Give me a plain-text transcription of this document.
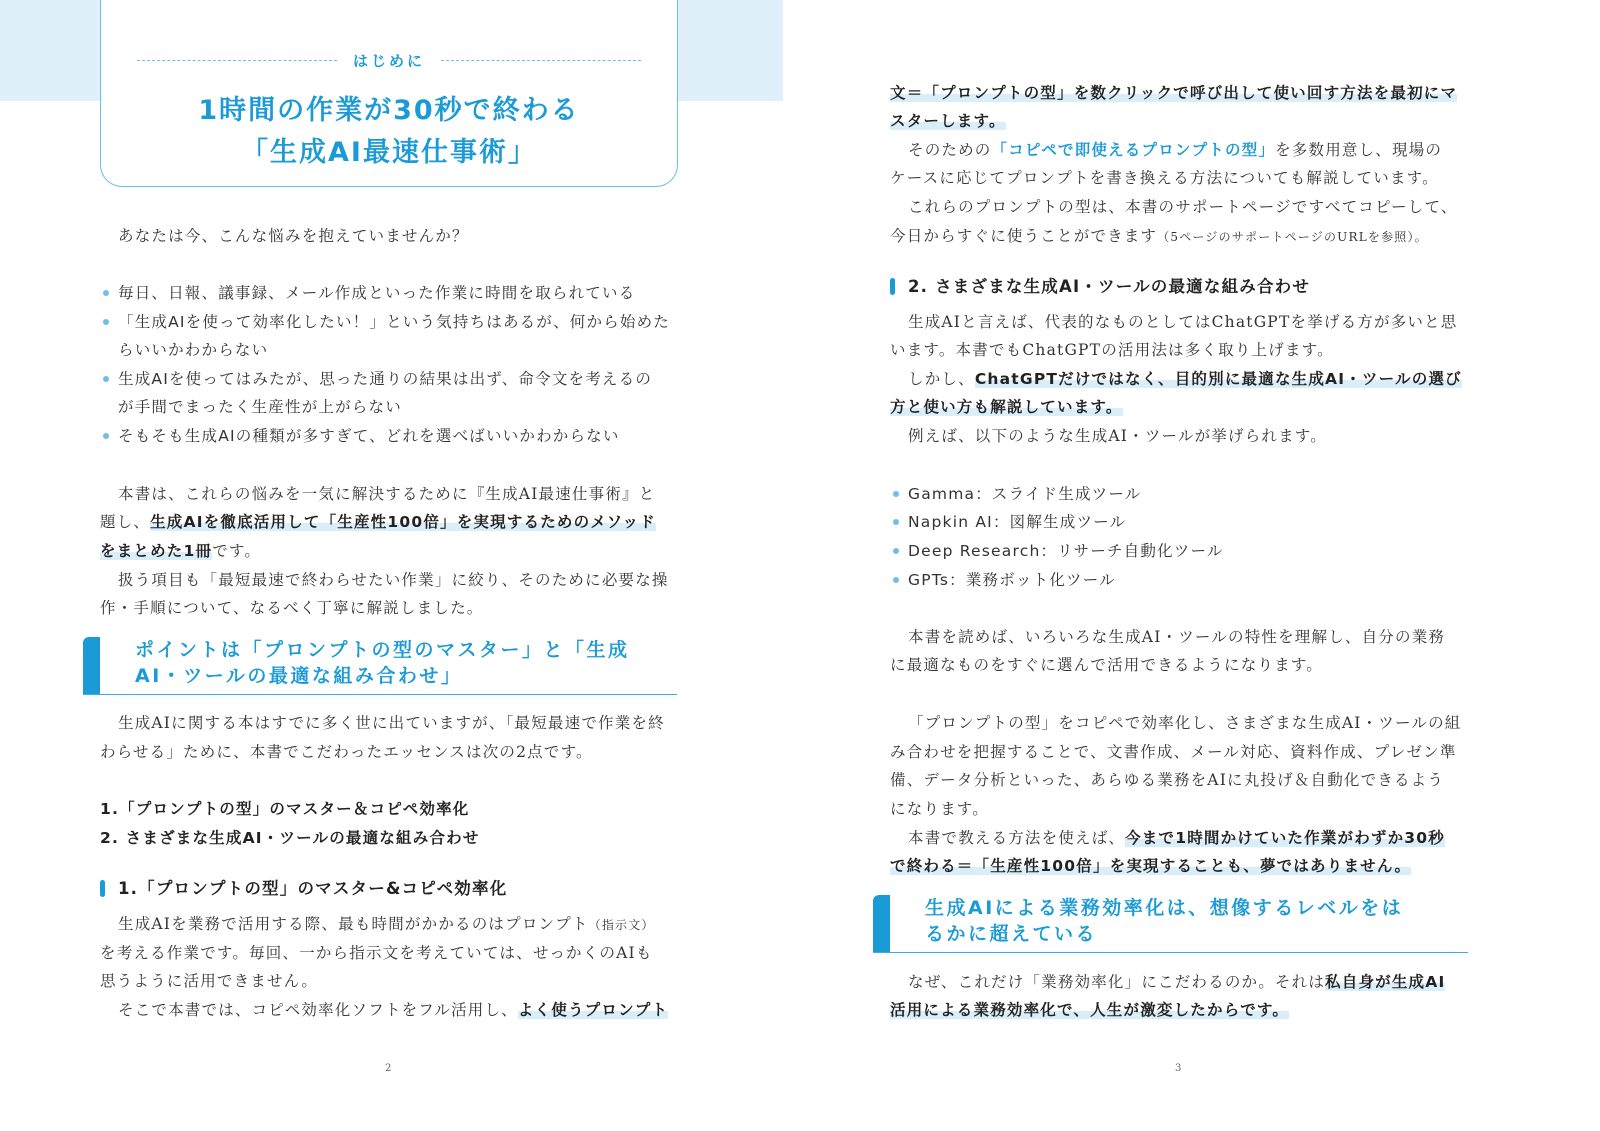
はじめに
1時間の作業が30秒で終わる
「生成AI最速仕事術」
あなたは今、こんな悩みを抱えていませんか？
毎日、日報、議事録、メール作成といった作業に時間を取られている
「生成AIを使って効率化したい！」という気持ちはあるが、何から始めた
らいいかわからない
生成AIを使ってはみたが、思った通りの結果は出ず、命令文を考えるの
が手間でまったく生産性が上がらない
そもそも生成AIの種類が多すぎて、どれを選べばいいかわからない
本書は、これらの悩みを一気に解決するために『生成AI最速仕事術』と
題し、生成AIを徹底活用して「生産性100倍」を実現するためのメソッド
をまとめた1冊です。
扱う項目も「最短最速で終わらせたい作業」に絞り、そのために必要な操
作・手順について、なるべく丁寧に解説しました。
生成AIに関する本はすでに多く世に出ていますが、「最短最速で作業を終
わらせる」ために、本書でこだわったエッセンスは次の2点です。
1.「プロンプトの型」のマスター＆コピペ効率化
2. さまざまな生成AI・ツールの最適な組み合わせ
1.「プロンプトの型」のマスター&コピペ効率化
生成AIを業務で活用する際、最も時間がかかるのはプロンプト（指示文）
を考える作業です。毎回、一から指示文を考えていては、せっかくのAIも
思うように活用できません。
そこで本書では、コピペ効率化ソフトをフル活用し、よく使うプロンプト
文＝「プロンプトの型」を数クリックで呼び出して使い回す方法を最初にマ
スターします。
そのための「コピペで即使えるプロンプトの型」を多数用意し、現場の
ケースに応じてプロンプトを書き換える方法についても解説しています。
これらのプロンプトの型は、本書のサポートページですべてコピーして、
今日からすぐに使うことができます（5ページのサポートページのURLを参照）。
2. さまざまな生成AI・ツールの最適な組み合わせ
生成AIと言えば、代表的なものとしてはChatGPTを挙げる方が多いと思
います。本書でもChatGPTの活用法は多く取り上げます。
しかし、ChatGPTだけではなく、目的別に最適な生成AI・ツールの選び
方と使い方も解説しています。
例えば、以下のような生成AI・ツールが挙げられます。
Gamma：スライド生成ツール
Napkin AI：図解生成ツール
Deep Research：リサーチ自動化ツール
GPTs：業務ボット化ツール
本書を読めば、いろいろな生成AI・ツールの特性を理解し、自分の業務
に最適なものをすぐに選んで活用できるようになります。
「プロンプトの型」をコピペで効率化し、さまざまな生成AI・ツールの組
み合わせを把握することで、文書作成、メール対応、資料作成、プレゼン準
備、データ分析といった、あらゆる業務をAIに丸投げ＆自動化できるよう
になります。
本書で教える方法を使えば、今まで1時間かけていた作業がわずか30秒
で終わる＝「生産性100倍」を実現することも、夢ではありません。
なぜ、これだけ「業務効率化」にこだわるのか。それは私自身が生成AI
活用による業務効率化で、人生が激変したからです。
ポイントは「プロンプトの型のマスター」と「生成
AI・ツールの最適な組み合わせ」
生成AIによる業務効率化は、想像するレベルをは
るかに超えている
2	3
